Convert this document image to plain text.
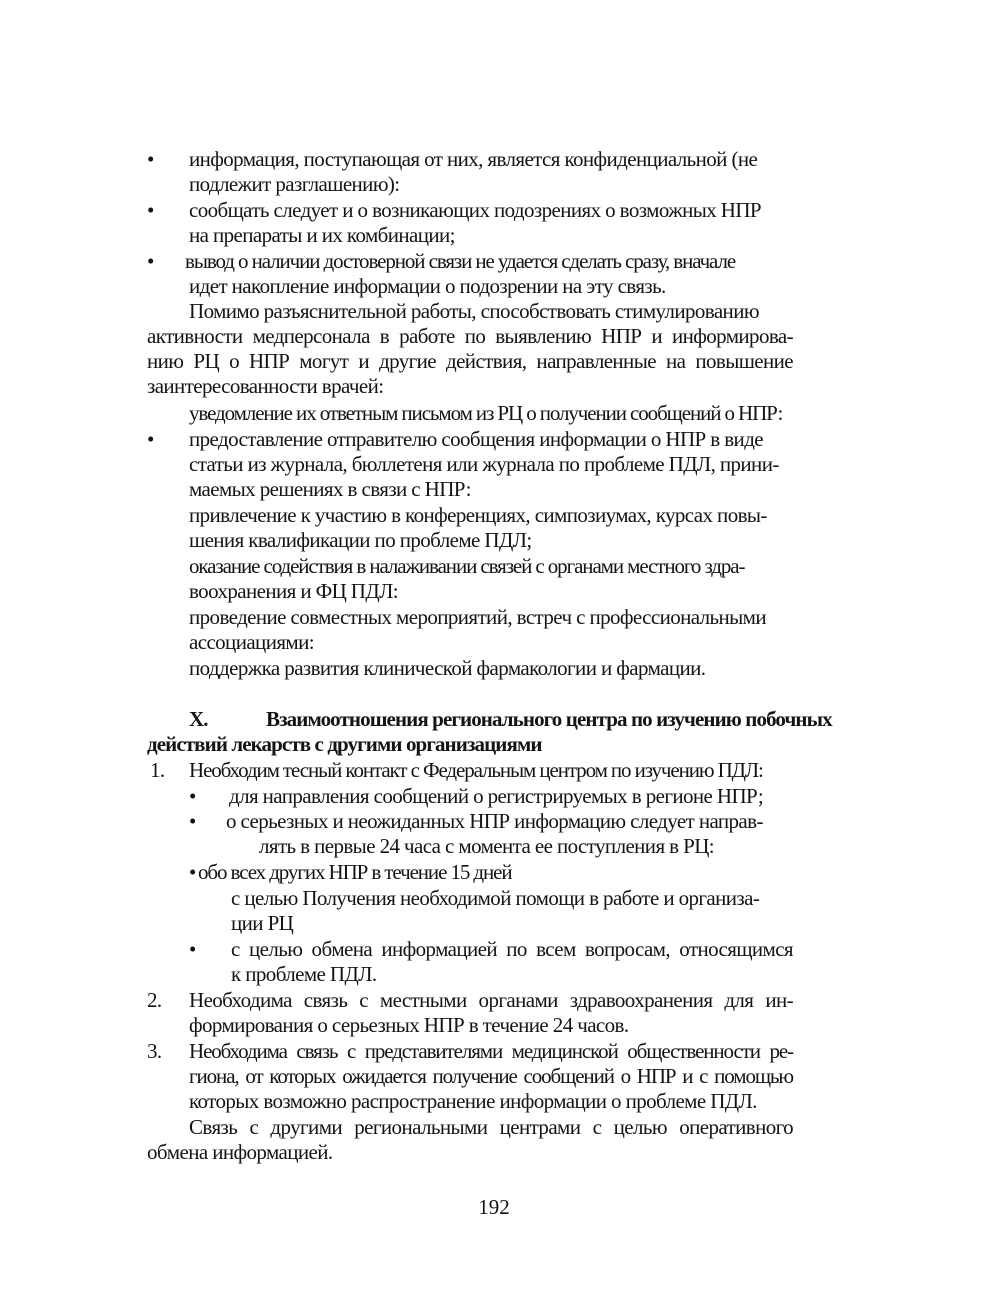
• информация, поступающая от них, является конфиденциальной (не
подлежит разглашению):
• сообщать следует и о возникающих подозрениях о возможных НПР
на препараты и их комбинации;
• вывод о наличии достоверной связи не удается сделать сразу, вначале
идет накопление информации о подозрении на эту связь.
Помимо разъяснительной работы, способствовать стимулированию
активности медперсонала в работе по выявлению НПР и информирова-
нию РЦ о НПР могут и другие действия, направленные на повышение
заинтересованности врачей:
уведомление их ответным письмом из РЦ о получении сообщений о НПР:
• предоставление отправителю сообщения информации о НПР в виде
статьи из журнала, бюллетеня или журнала по проблеме ПДЛ, прини-
маемых решениях в связи с НПР:
привлечение к участию в конференциях, симпозиумах, курсах повы-
шения квалификации по проблеме ПДЛ;
оказание содействия в налаживании связей с органами местного здра-
воохранения и ФЦ ПДЛ:
проведение совместных мероприятий, встреч с профессиональными
ассоциациями:
поддержка развития клинической фармакологии и фармации.
X.	Взаимоотношения регионального центра по изучению побочных
действий лекарств с другими организациями
1. Необходим тесный контакт с Федеральным центром по изучению ПДЛ:
• для направления сообщений о регистрируемых в регионе НПР;
• о серьезных и неожиданных НПР информацию следует направ-
лять в первые 24 часа с момента ее поступления в РЦ:
• обо всех других НПР в течение 15 дней
с целью Получения необходимой помощи в работе и организа-
ции РЦ
• с целью обмена информацией по всем вопросам, относящимся
к проблеме ПДЛ.
2. Необходима связь с местными органами здравоохранения для ин-
формирования о серьезных НПР в течение 24 часов.
3. Необходима связь с представителями медицинской общественности ре-
гиона, от которых ожидается получение сообщений о НПР и с помощью
которых возможно распространение информации о проблеме ПДЛ.
Связь с другими региональными центрами с целью оперативного
обмена информацией.
192
